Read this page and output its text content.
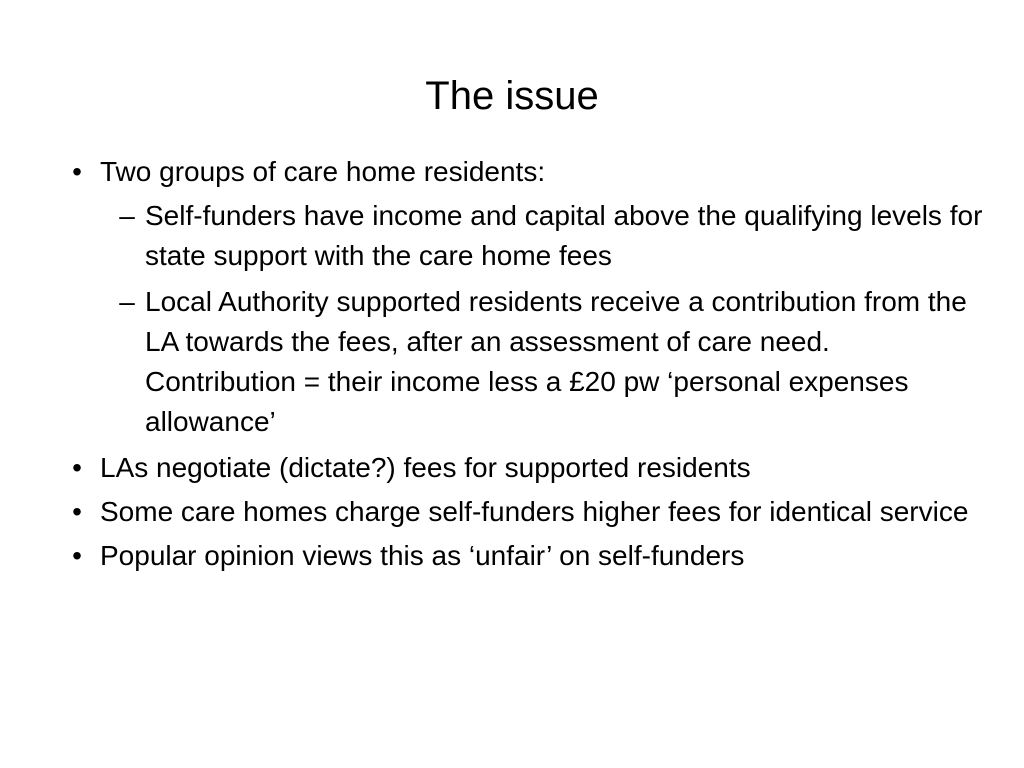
The issue
• Two groups of care home residents:
– Self-funders have income and capital above the qualifying levels for state support with the care home fees
– Local Authority supported residents receive a contribution from the LA towards the fees, after an assessment of care need. Contribution = their income less a £20 pw ‘personal expenses allowance’
• LAs negotiate (dictate?) fees for supported residents
• Some care homes charge self-funders higher fees for identical service
• Popular opinion views this as ‘unfair’ on self-funders
